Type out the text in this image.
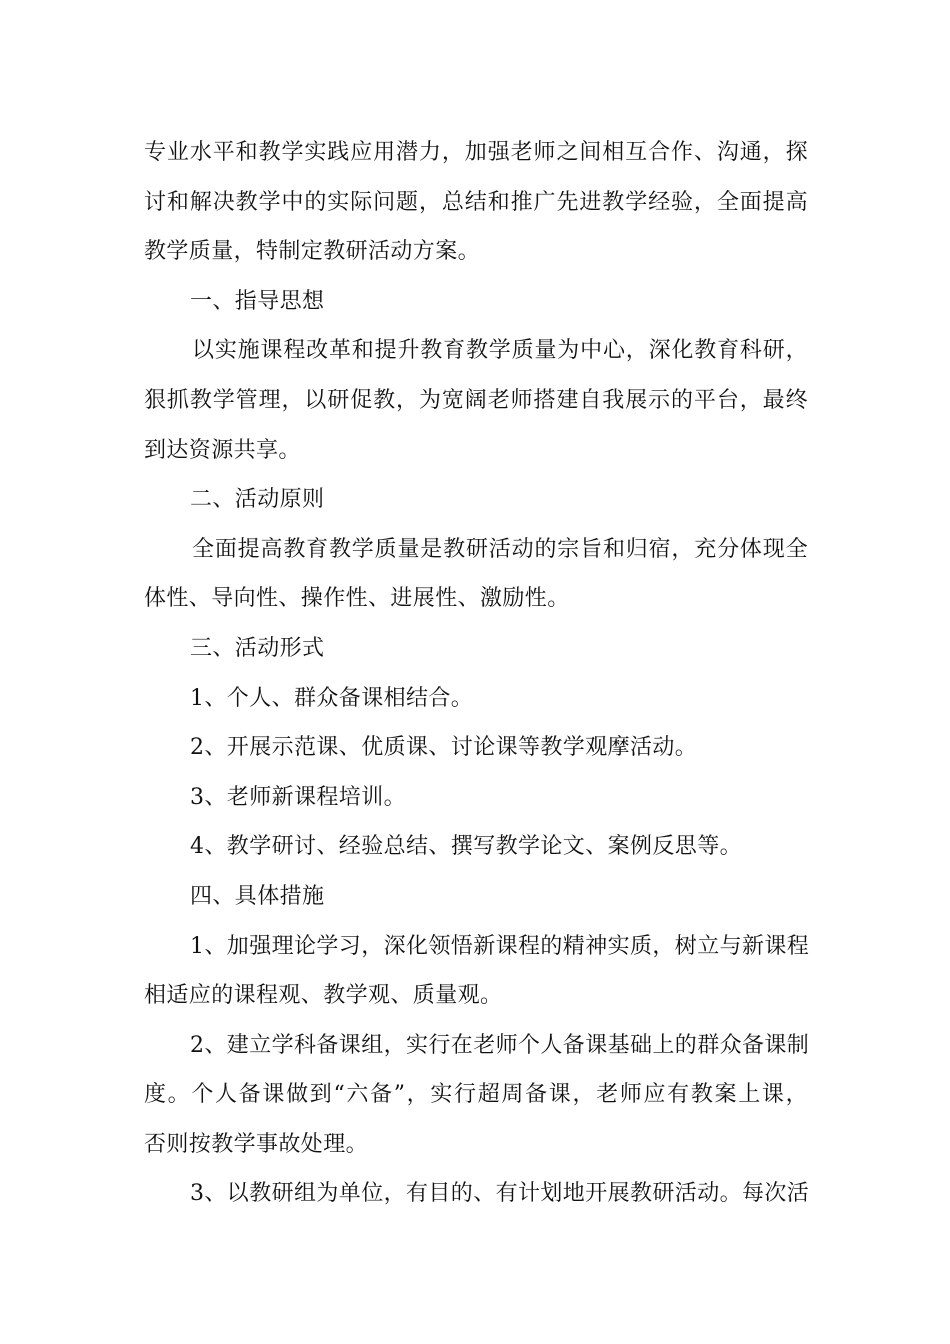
专业水平和教学实践应用潜力，加强老师之间相互合作、沟通，探
讨和解决教学中的实际问题，总结和推广先进教学经验，全面提高
教学质量，特制定教研活动方案。
一、指导思想
以实施课程改革和提升教育教学质量为中心，深化教育科研，
狠抓教学管理，以研促教，为宽阔老师搭建自我展示的平台，最终
到达资源共享。
二、活动原则
全面提高教育教学质量是教研活动的宗旨和归宿，充分体现全
体性、导向性、操作性、进展性、激励性。
三、活动形式
1、个人、群众备课相结合。
2、开展示范课、优质课、讨论课等教学观摩活动。
3、老师新课程培训。
4、教学研讨、经验总结、撰写教学论文、案例反思等。
四、具体措施
1、加强理论学习，深化领悟新课程的精神实质，树立与新课程
相适应的课程观、教学观、质量观。
2、建立学科备课组，实行在老师个人备课基础上的群众备课制
度。个人备课做到“六备”，实行超周备课，老师应有教案上课，
否则按教学事故处理。
3、以教研组为单位，有目的、有计划地开展教研活动。每次活
